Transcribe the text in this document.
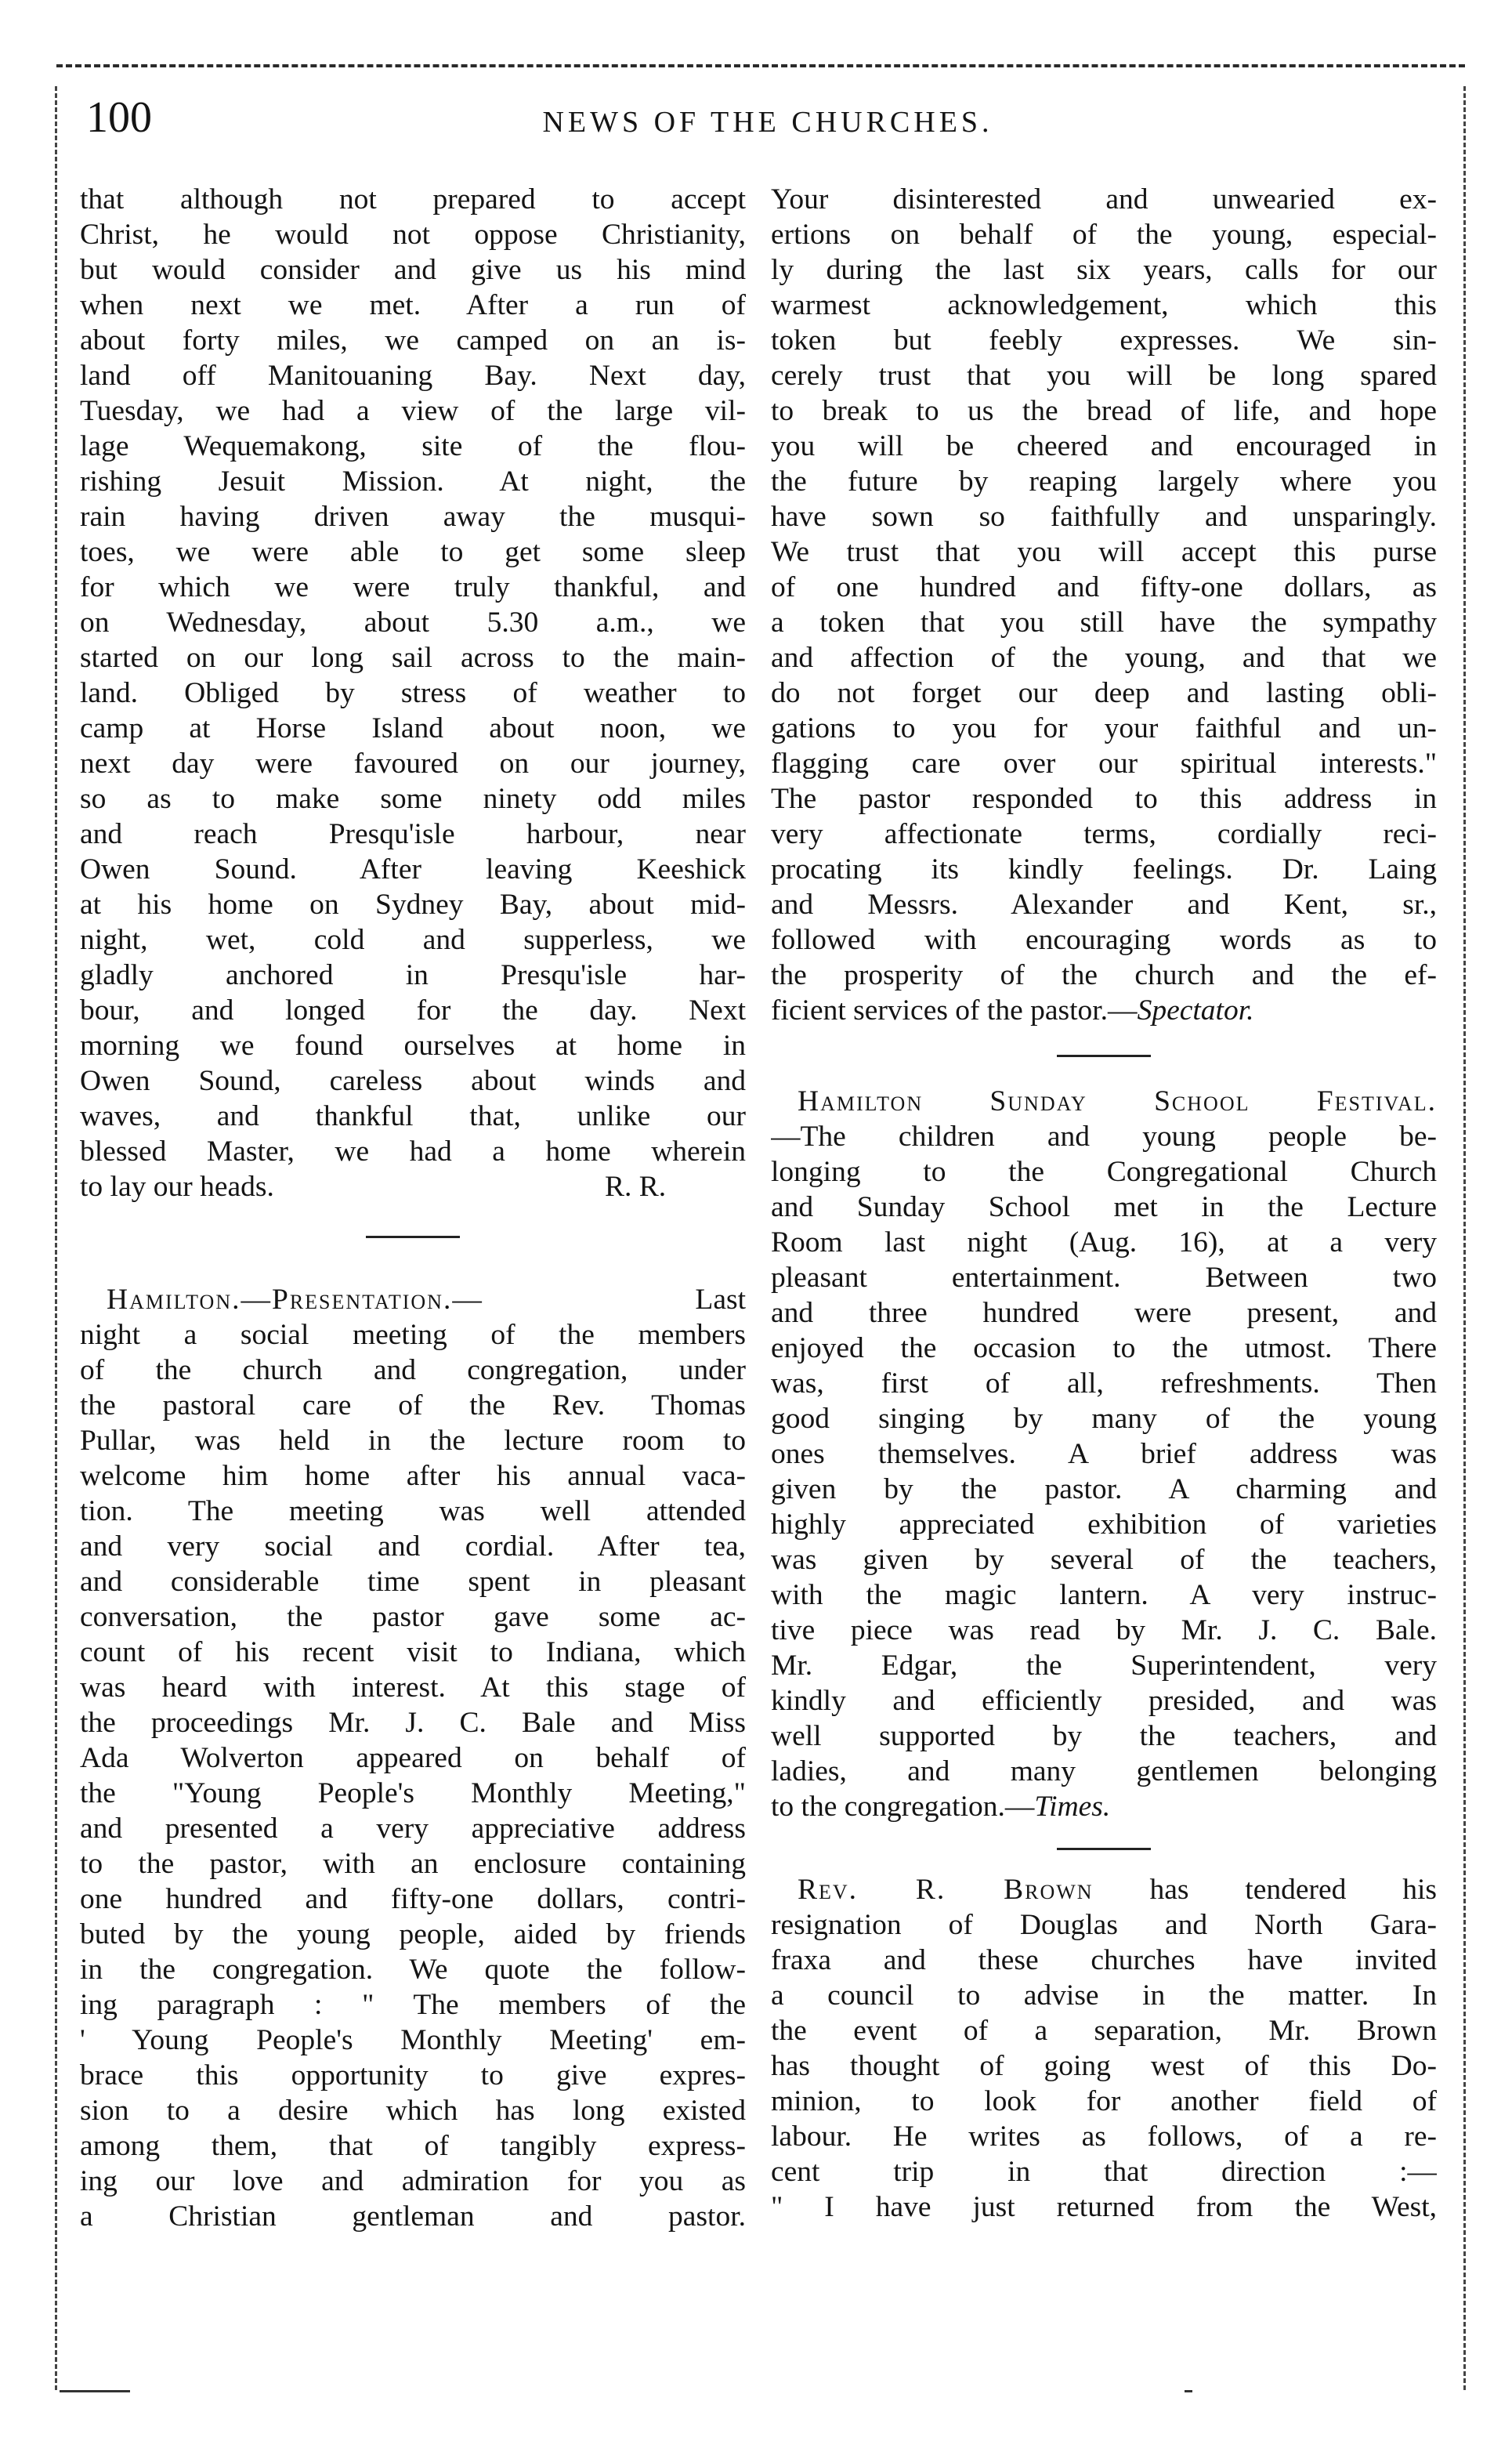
100	NEWS OF THE CHURCHES.
that although not prepared to accept
Christ, he would not oppose Christianity,
but would consider and give us his mind
when next we met. After a run of
about forty miles, we camped on an is-
land off Manitouaning Bay. Next day,
Tuesday, we had a view of the large vil-
lage Wequemakong, site of the flou-
rishing Jesuit Mission. At night, the
rain having driven away the musqui-
toes, we were able to get some sleep
for which we were truly thankful, and
on Wednesday, about 5.30 a.m., we
started on our long sail across to the main-
land. Obliged by stress of weather to
camp at Horse Island about noon, we
next day were favoured on our journey,
so as to make some ninety odd miles
and reach Presqu'isle harbour, near
Owen Sound. After leaving Keeshick
at his home on Sydney Bay, about mid-
night, wet, cold and supperless, we
gladly anchored in Presqu'isle har-
bour, and longed for the day. Next
morning we found ourselves at home in
Owen Sound, careless about winds and
waves, and thankful that, unlike our
blessed Master, we had a home wherein
to lay our heads.	R. R.
Hamilton.—Presentation.—	Last
night a social meeting of the members
of the church and congregation, under
the pastoral care of the Rev. Thomas
Pullar, was held in the lecture room to
welcome him home after his annual vaca-
tion. The meeting was well attended
and very social and cordial. After tea,
and considerable time spent in pleasant
conversation, the pastor gave some ac-
count of his recent visit to Indiana, which
was heard with interest. At this stage of
the proceedings Mr. J. C. Bale and Miss
Ada Wolverton appeared on behalf of
the "Young People's Monthly Meeting,"
and presented a very appreciative address
to the pastor, with an enclosure containing
one hundred and fifty-one dollars, contri-
buted by the young people, aided by friends
in the congregation. We quote the follow-
ing paragraph : " The members of the
' Young People's Monthly Meeting' em-
brace this opportunity to give expres-
sion to a desire which has long existed
among them, that of tangibly express-
ing our love and admiration for you as
a Christian gentleman and pastor.
Your disinterested and unwearied ex-
ertions on behalf of the young, especial-
ly during the last six years, calls for our
warmest acknowledgement, which this
token but feebly expresses. We sin-
cerely trust that you will be long spared
to break to us the bread of life, and hope
you will be cheered and encouraged in
the future by reaping largely where you
have sown so faithfully and unsparingly.
We trust that you will accept this purse
of one hundred and fifty-one dollars, as
a token that you still have the sympathy
and affection of the young, and that we
do not forget our deep and lasting obli-
gations to you for your faithful and un-
flagging care over our spiritual interests."
The pastor responded to this address in
very affectionate terms, cordially reci-
procating its kindly feelings. Dr. Laing
and Messrs. Alexander and Kent, sr.,
followed with encouraging words as to
the prosperity of the church and the ef-
ficient services of the pastor.—Spectator.
Hamilton Sunday School Festival.
—The children and young people be-
longing to the Congregational Church
and Sunday School met in the Lecture
Room last night (Aug. 16), at a very
pleasant entertainment. Between two
and three hundred were present, and
enjoyed the occasion to the utmost. There
was, first of all, refreshments. Then
good singing by many of the young
ones themselves. A brief address was
given by the pastor. A charming and
highly appreciated exhibition of varieties
was given by several of the teachers,
with the magic lantern. A very instruc-
tive piece was read by Mr. J. C. Bale.
Mr. Edgar, the Superintendent, very
kindly and efficiently presided, and was
well supported by the teachers, and
ladies, and many gentlemen belonging
to the congregation.—Times.
Rev. R. Brown has tendered his
resignation of Douglas and North Gara-
fraxa and these churches have invited
a council to advise in the matter. In
the event of a separation, Mr. Brown
has thought of going west of this Do-
minion, to look for another field of
labour. He writes as follows, of a re-
cent trip in that direction :—
" I have just returned from the West,
